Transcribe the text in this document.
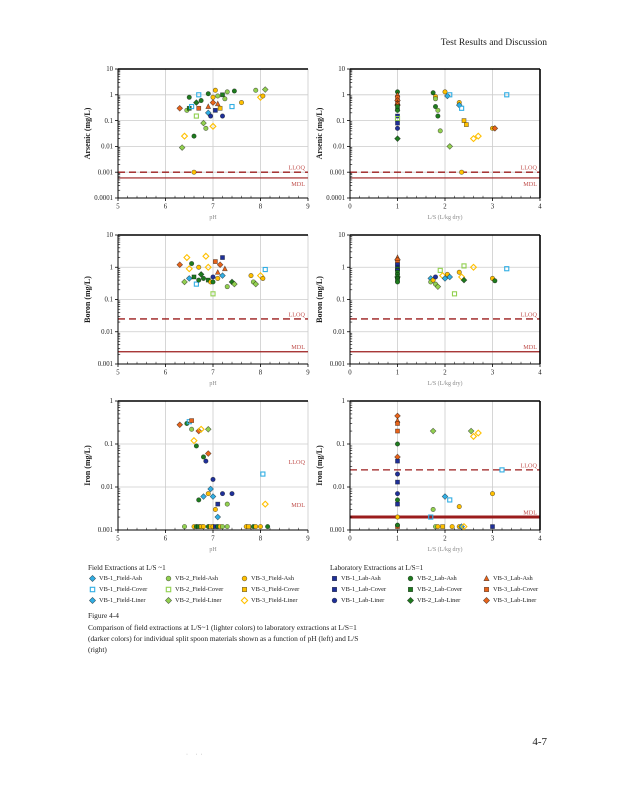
Test Results and Discussion
LLOQ
MDL
10
1
0.1
0.01
0.001
0.0001
5	6	7	8	9
Arsenic (mg/L)
pH
LLOQ
MDL
10
1
0.1
0.01
0.001
0.0001
0	1	2	3	4
Arsenic (mg/L)
L/S (L/kg dry)
LLOQ
MDL
10
1
0.1
0.01
0.001
5	6	7	8	9
Boron (mg/L)
pH
LLOQ
MDL
10
1
0.1
0.01
0.001
0	1	2	3	4
Boron (mg/L)
L/S (L/kg dry)
LLOQ
MDL
1
0.1
0.01
0.001
5	6	7	8	9
Iron (mg/L)
pH
LLOQ
MDL
1
0.1
0.01
0.001
0	1	2	3	4
Iron (mg/L)
L/S (L/kg dry)
Field Extractions at L/S ~1
VB-1_Field-Ash	VB-2_Field-Ash	VB-3_Field-Ash
VB-1_Field-Cover	VB-2_Field-Cover	VB-3_Field-Cover
VB-1_Field-Liner	VB-2_Field-Liner	VB-3_Field-Liner
Laboratory Extractions at L/S=1
VB-1_Lab-Ash	VB-2_Lab-Ash	VB-3_Lab-Ash
VB-1_Lab-Cover	VB-2_Lab-Cover	VB-3_Lab-Cover
VB-1_Lab-Liner	VB-2_Lab-Liner	VB-3_Lab-Liner
Figure 4-4
Comparison of field extractions at L/S~1 (lighter colors) to laboratory extractions at L/S=1
(darker colors) for individual split spoon materials shown as a function of pH (left) and L/S
(right)
4-7
· ··
